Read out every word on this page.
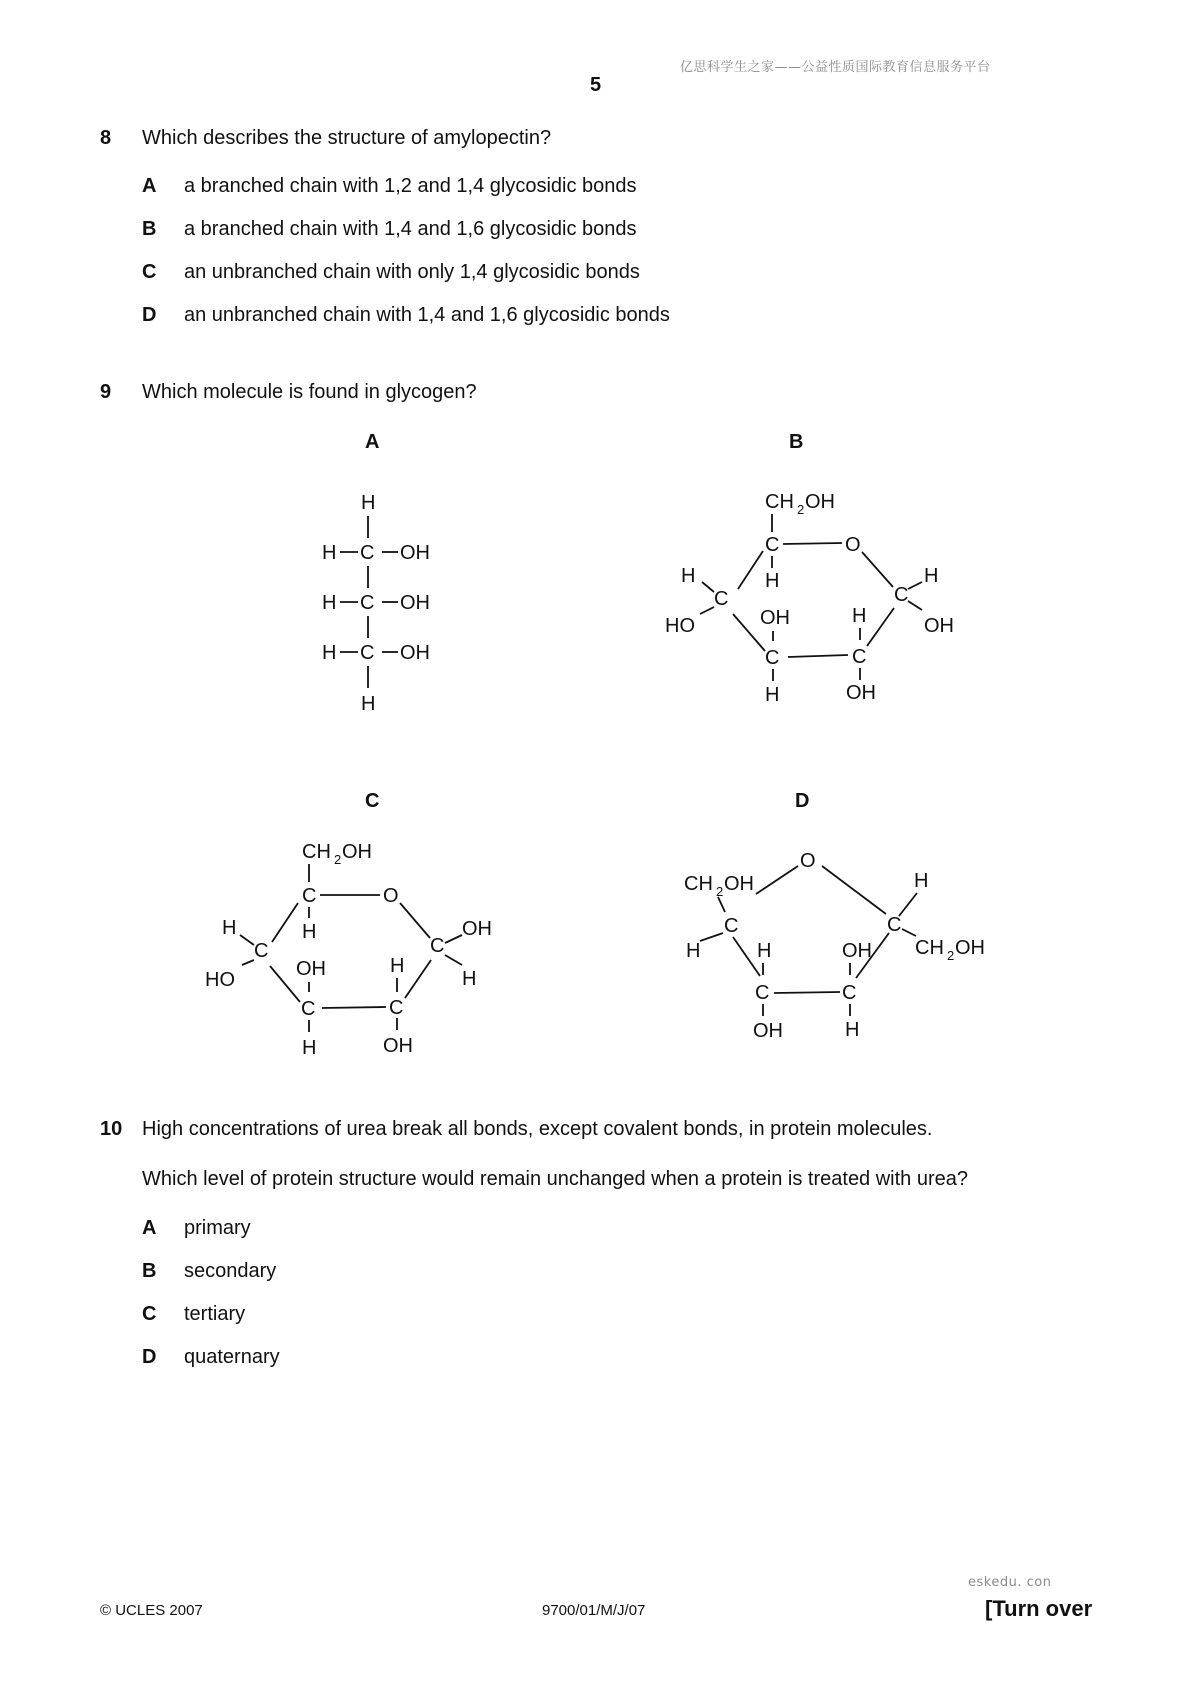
亿思科学生之家——公益性质国际教育信息服务平台
5
8 Which describes the structure of amylopectin?
A a branched chain with 1,2 and 1,4 glycosidic bonds
B a branched chain with 1,4 and 1,6 glycosidic bonds
C an unbranched chain with only 1,4 glycosidic bonds
D an unbranched chain with 1,4 and 1,6 glycosidic bonds
9 Which molecule is found in glycogen?
A	B
C	D
H
H C OH
H C OH
H C OH
H
CH 2 OH
C	O
C
H
OH
C
H
OH
C
OH
H
C
H
HO
H
CH 2 OH
C	O
C
OH
H
C
H
OH
C
OH
H
C
H
HO
H
O
CH 2 OH
C
H
C
H
CH 2 OH
C
H
OH
C
OH
H
10 High concentrations of urea break all bonds, except covalent bonds, in protein molecules.
Which level of protein structure would remain unchanged when a protein is treated with urea?
A primary
B secondary
C tertiary
D quaternary
eskedu. con
© UCLES 2007	9700/01/M/J/07	[Turn over
